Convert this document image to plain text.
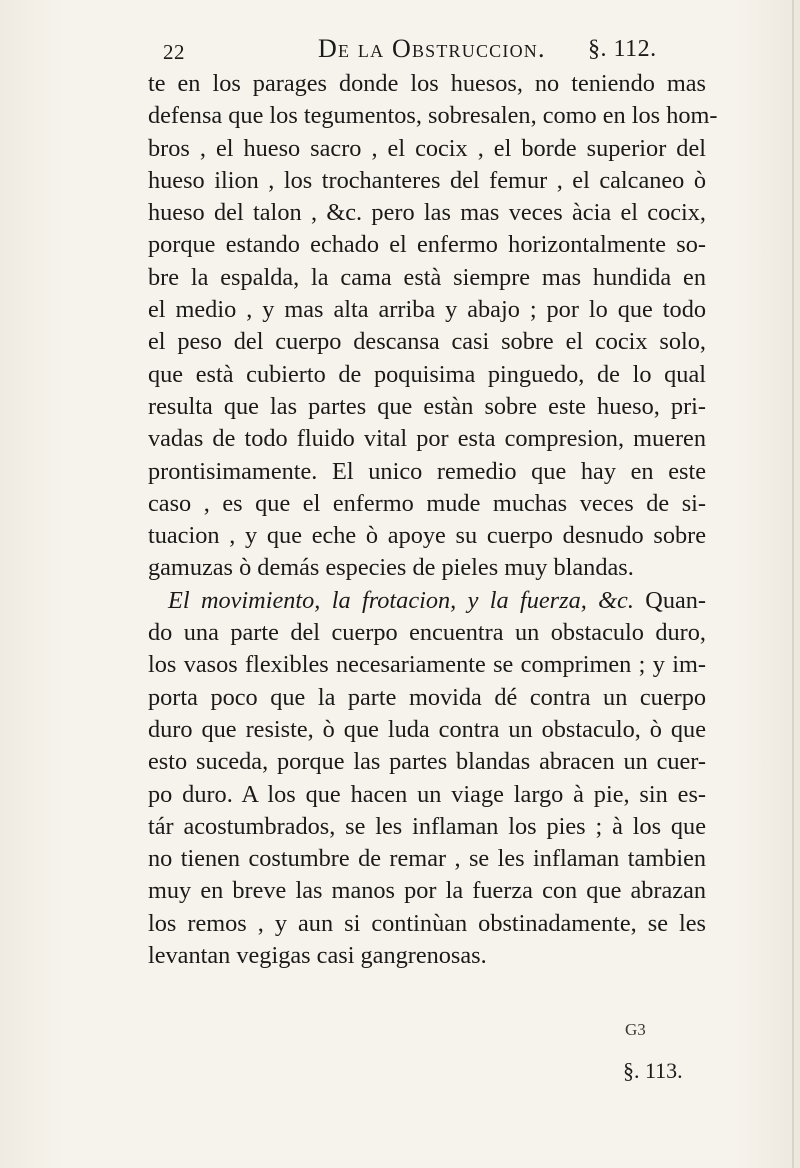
22	De la Obstruccion. §. 112.
te en los parages donde los huesos, no teniendo mas
defensa que los tegumentos, sobresalen, como en los hom-
bros , el hueso sacro , el cocix , el borde superior del
hueso ilion , los trochanteres del femur , el calcaneo ò
hueso del talon , &c. pero las mas veces àcia el cocix,
porque estando echado el enfermo horizontalmente so-
bre la espalda, la cama està siempre mas hundida en
el medio , y mas alta arriba y abajo ; por lo que todo
el peso del cuerpo descansa casi sobre el cocix solo,
que està cubierto de poquisima pinguedo, de lo qual
resulta que las partes que estàn sobre este hueso, pri-
vadas de todo fluido vital por esta compresion, mueren
prontisimamente. El unico remedio que hay en este
caso , es que el enfermo mude muchas veces de si-
tuacion , y que eche ò apoye su cuerpo desnudo sobre
gamuzas ò demás especies de pieles muy blandas.
El movimiento, la frotacion, y la fuerza, &c. Quan-
do una parte del cuerpo encuentra un obstaculo duro,
los vasos flexibles necesariamente se comprimen ; y im-
porta poco que la parte movida dé contra un cuerpo
duro que resiste, ò que luda contra un obstaculo, ò que
esto suceda, porque las partes blandas abracen un cuer-
po duro. A los que hacen un viage largo à pie, sin es-
tár acostumbrados, se les inflaman los pies ; à los que
no tienen costumbre de remar , se les inflaman tambien
muy en breve las manos por la fuerza con que abrazan
los remos , y aun si continùan obstinadamente, se les
levantan vegigas casi gangrenosas.
G3
§. 113.
